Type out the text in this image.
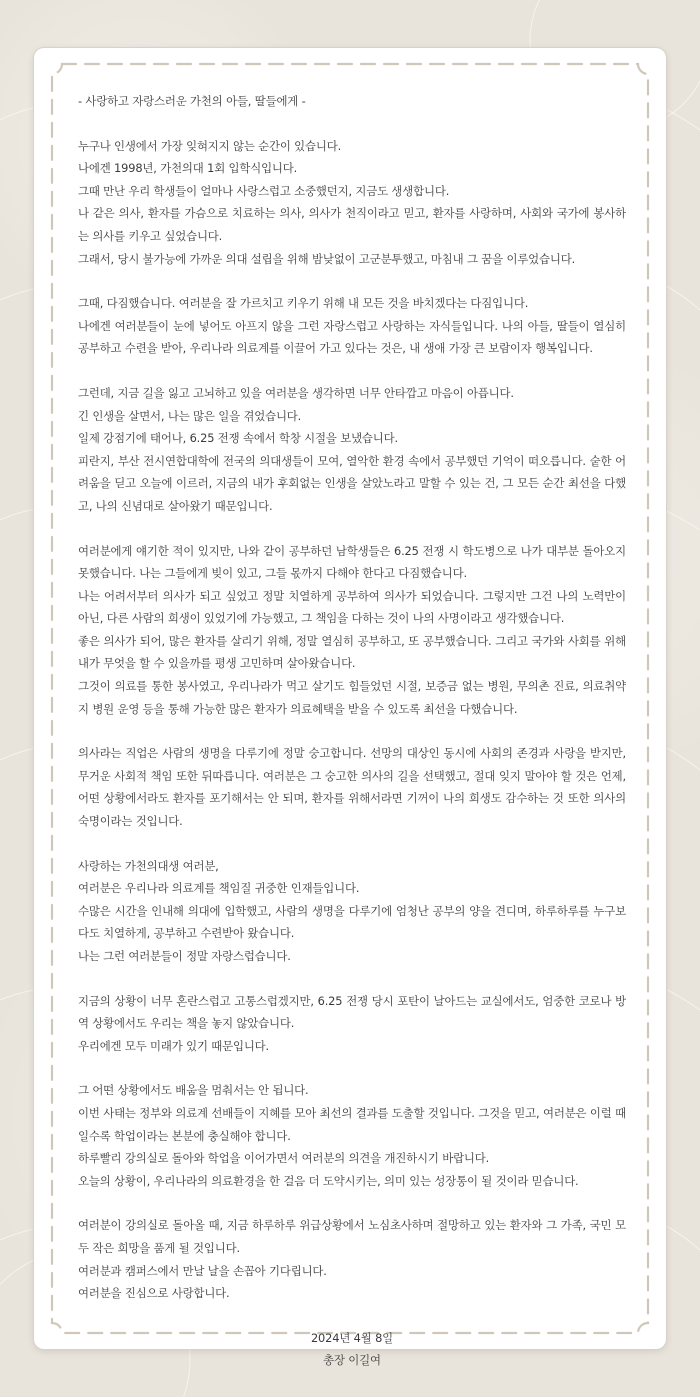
- 사랑하고 자랑스러운 가천의 아들, 딸들에게 -

누구나 인생에서 가장 잊혀지지 않는 순간이 있습니다.

나에겐 1998년, 가천의대 1회 입학식입니다.

그때 만난 우리 학생들이 얼마나 사랑스럽고 소중했던지, 지금도 생생합니다.

나 같은 의사, 환자를 가슴으로 치료하는 의사, 의사가 천직이라고 믿고, 환자를 사랑하며, 사회와 국가에 봉사하는 의사를 키우고 싶었습니다.

그래서, 당시 불가능에 가까운 의대 설립을 위해 밤낮없이 고군분투했고, 마침내 그 꿈을 이루었습니다.

그때, 다짐했습니다. 여러분을 잘 가르치고 키우기 위해 내 모든 것을 바치겠다는 다짐입니다.

나에겐 여러분들이 눈에 넣어도 아프지 않을 그런 자랑스럽고 사랑하는 자식들입니다. 나의 아들, 딸들이 열심히 공부하고 수련을 받아, 우리나라 의료계를 이끌어 가고 있다는 것은, 내 생애 가장 큰 보람이자 행복입니다.

그런데, 지금 길을 잃고 고뇌하고 있을 여러분을 생각하면 너무 안타깝고 마음이 아픕니다.

긴 인생을 살면서, 나는 많은 일을 겪었습니다.

일제 강점기에 태어나, 6.25 전쟁 속에서 학창 시절을 보냈습니다.

피란지, 부산 전시연합대학에 전국의 의대생들이 모여, 열악한 환경 속에서 공부했던 기억이 떠오릅니다. 숱한 어려움을 딛고 오늘에 이르러, 지금의 내가 후회없는 인생을 살았노라고 말할 수 있는 건, 그 모든 순간 최선을 다했고, 나의 신념대로 살아왔기 때문입니다.

여러분에게 얘기한 적이 있지만, 나와 같이 공부하던 남학생들은 6.25 전쟁 시 학도병으로 나가 대부분 돌아오지 못했습니다. 나는 그들에게 빚이 있고, 그들 몫까지 다해야 한다고 다짐했습니다.

나는 어려서부터 의사가 되고 싶었고 정말 치열하게 공부하여 의사가 되었습니다. 그렇지만 그건 나의 노력만이 아닌, 다른 사람의 희생이 있었기에 가능했고, 그 책임을 다하는 것이 나의 사명이라고 생각했습니다.

좋은 의사가 되어, 많은 환자를 살리기 위해, 정말 열심히 공부하고, 또 공부했습니다. 그리고 국가와 사회를 위해 내가 무엇을 할 수 있을까를 평생 고민하며 살아왔습니다.

그것이 의료를 통한 봉사였고, 우리나라가 먹고 살기도 힘들었던 시절, 보증금 없는 병원, 무의촌 진료, 의료취약지 병원 운영 등을 통해 가능한 많은 환자가 의료혜택을 받을 수 있도록 최선을 다했습니다.

의사라는 직업은 사람의 생명을 다루기에 정말 숭고합니다. 선망의 대상인 동시에 사회의 존경과 사랑을 받지만, 무거운 사회적 책임 또한 뒤따릅니다. 여러분은 그 숭고한 의사의 길을 선택했고, 절대 잊지 말아야 할 것은 언제, 어떤 상황에서라도 환자를 포기해서는 안 되며, 환자를 위해서라면 기꺼이 나의 희생도 감수하는 것 또한 의사의 숙명이라는 것입니다.

사랑하는 가천의대생 여러분,

여러분은 우리나라 의료계를 책임질 귀중한 인재들입니다.

수많은 시간을 인내해 의대에 입학했고, 사람의 생명을 다루기에 엄청난 공부의 양을 견디며, 하루하루를 누구보다도 치열하게, 공부하고 수련받아 왔습니다.

나는 그런 여러분들이 정말 자랑스럽습니다.

지금의 상황이 너무 혼란스럽고 고통스럽겠지만, 6.25 전쟁 당시 포탄이 날아드는 교실에서도, 엄중한 코로나 방역 상황에서도 우리는 책을 놓지 않았습니다.

우리에겐 모두 미래가 있기 때문입니다.

그 어떤 상황에서도 배움을 멈춰서는 안 됩니다.

이번 사태는 정부와 의료계 선배들이 지혜를 모아 최선의 결과를 도출할 것입니다. 그것을 믿고, 여러분은 이럴 때일수록 학업이라는 본분에 충실해야 합니다.

하루빨리 강의실로 돌아와 학업을 이어가면서 여러분의 의견을 개진하시기 바랍니다.

오늘의 상황이, 우리나라의 의료환경을 한 걸음 더 도약시키는, 의미 있는 성장통이 될 것이라 믿습니다.

여러분이 강의실로 돌아올 때, 지금 하루하루 위급상황에서 노심초사하며 절망하고 있는 환자와 그 가족, 국민 모두 작은 희망을 품게 될 것입니다.

여러분과 캠퍼스에서 만날 날을 손꼽아 기다립니다.

여러분을 진심으로 사랑합니다.

2024년 4월 8일
총장 이길여
